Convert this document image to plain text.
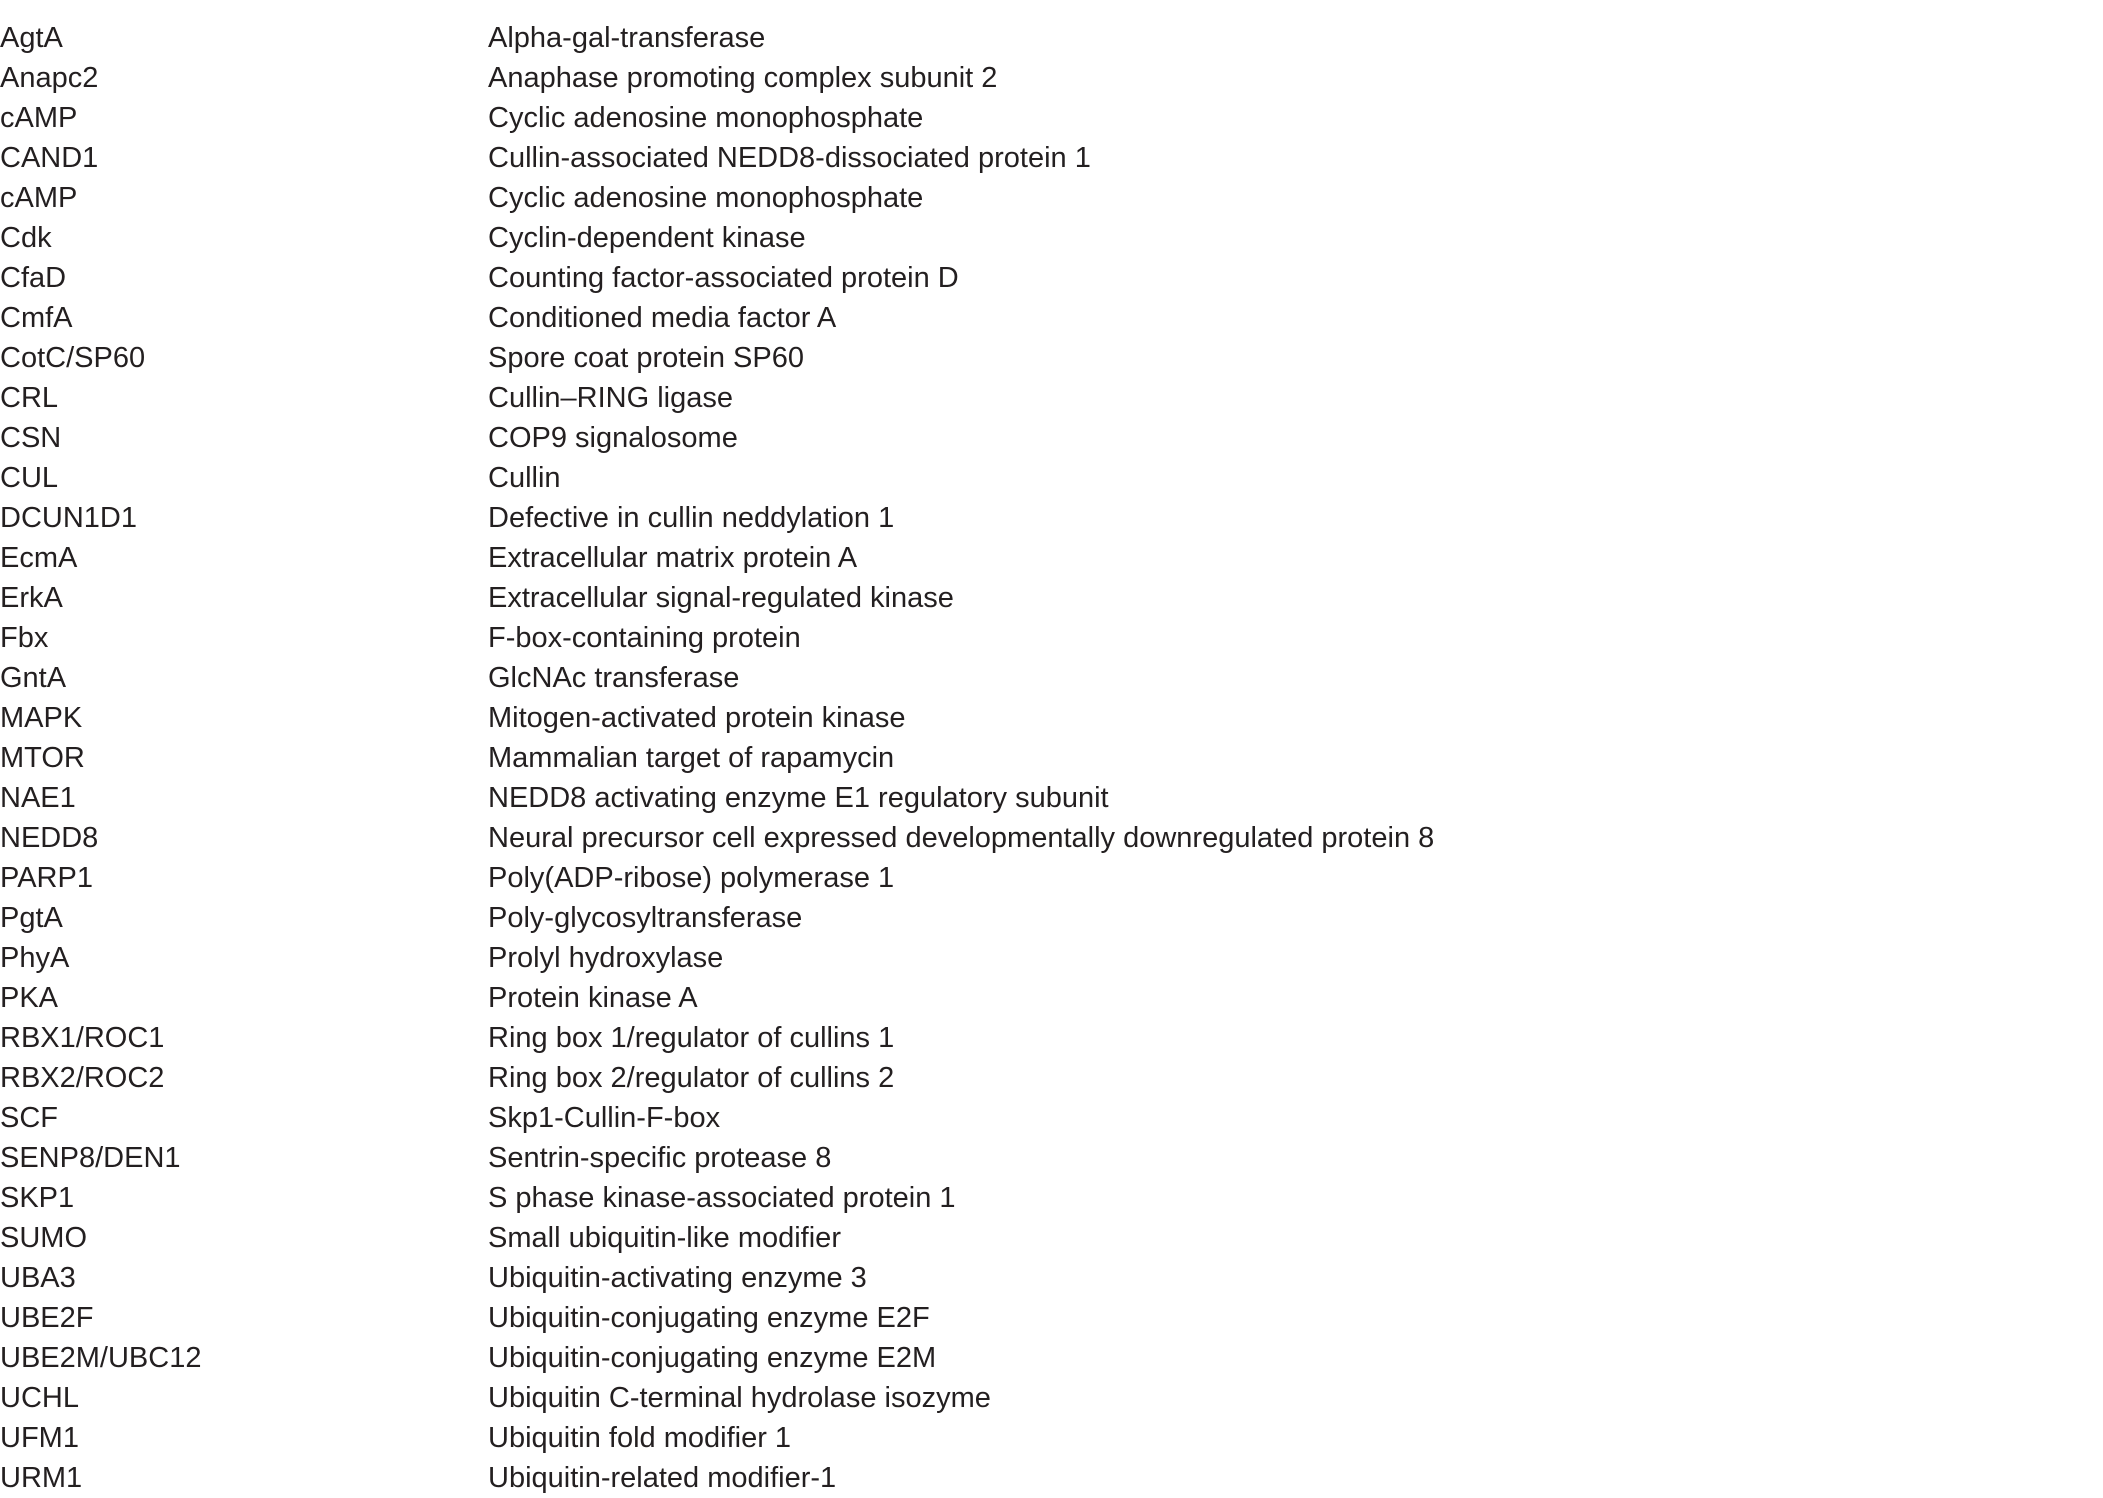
AgtA	Alpha-gal-transferase
Anapc2	Anaphase promoting complex subunit 2
cAMP	Cyclic adenosine monophosphate
CAND1	Cullin-associated NEDD8-dissociated protein 1
cAMP	Cyclic adenosine monophosphate
Cdk	Cyclin-dependent kinase
CfaD	Counting factor-associated protein D
CmfA	Conditioned media factor A
CotC/SP60	Spore coat protein SP60
CRL	Cullin–RING ligase
CSN	COP9 signalosome
CUL	Cullin
DCUN1D1	Defective in cullin neddylation 1
EcmA	Extracellular matrix protein A
ErkA	Extracellular signal-regulated kinase
Fbx	F-box-containing protein
GntA	GlcNAc transferase
MAPK	Mitogen-activated protein kinase
MTOR	Mammalian target of rapamycin
NAE1	NEDD8 activating enzyme E1 regulatory subunit
NEDD8	Neural precursor cell expressed developmentally downregulated protein 8
PARP1	Poly(ADP-ribose) polymerase 1
PgtA	Poly-glycosyltransferase
PhyA	Prolyl hydroxylase
PKA	Protein kinase A
RBX1/ROC1	Ring box 1/regulator of cullins 1
RBX2/ROC2	Ring box 2/regulator of cullins 2
SCF	Skp1-Cullin-F-box
SENP8/DEN1	Sentrin-specific protease 8
SKP1	S phase kinase-associated protein 1
SUMO	Small ubiquitin-like modifier
UBA3	Ubiquitin-activating enzyme 3
UBE2F	Ubiquitin-conjugating enzyme E2F
UBE2M/UBC12	Ubiquitin-conjugating enzyme E2M
UCHL	Ubiquitin C-terminal hydrolase isozyme
UFM1	Ubiquitin fold modifier 1
URM1	Ubiquitin-related modifier-1
